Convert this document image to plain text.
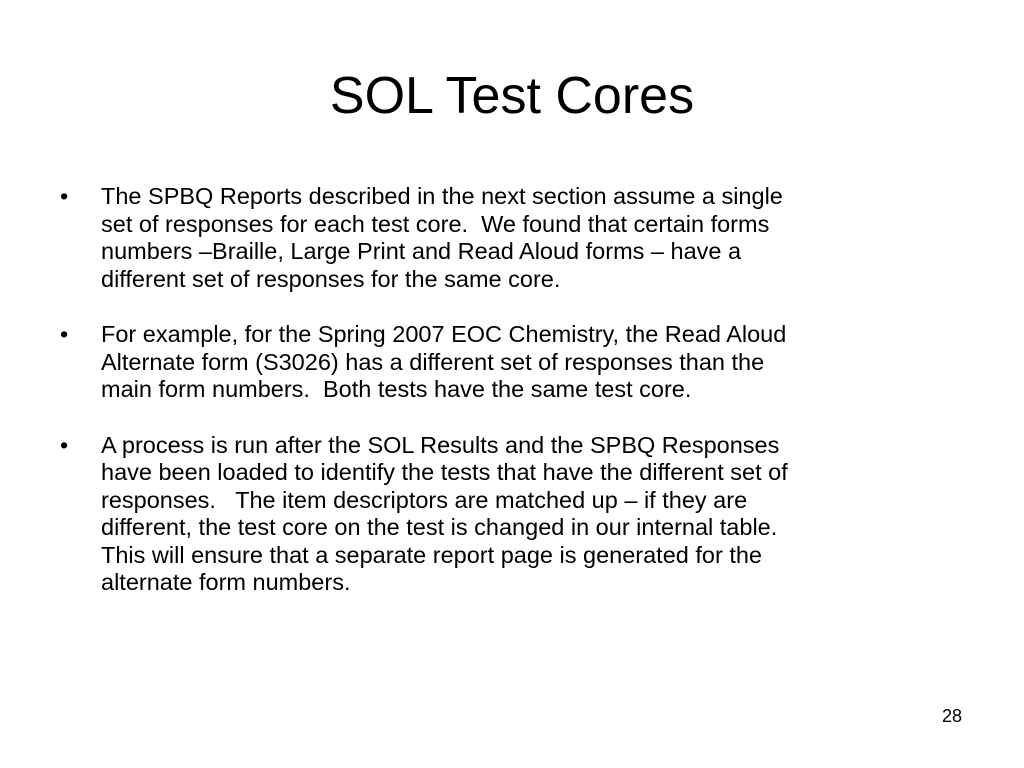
SOL Test Cores
• The SPBQ Reports described in the next section assume a single
set of responses for each test core.  We found that certain forms
numbers –Braille, Large Print and Read Aloud forms – have a
different set of responses for the same core.
• For example, for the Spring 2007 EOC Chemistry, the Read Aloud
Alternate form (S3026) has a different set of responses than the
main form numbers.  Both tests have the same test core.
• A process is run after the SOL Results and the SPBQ Responses
have been loaded to identify the tests that have the different set of
responses.   The item descriptors are matched up – if they are
different, the test core on the test is changed in our internal table.
This will ensure that a separate report page is generated for the
alternate form numbers.
28
